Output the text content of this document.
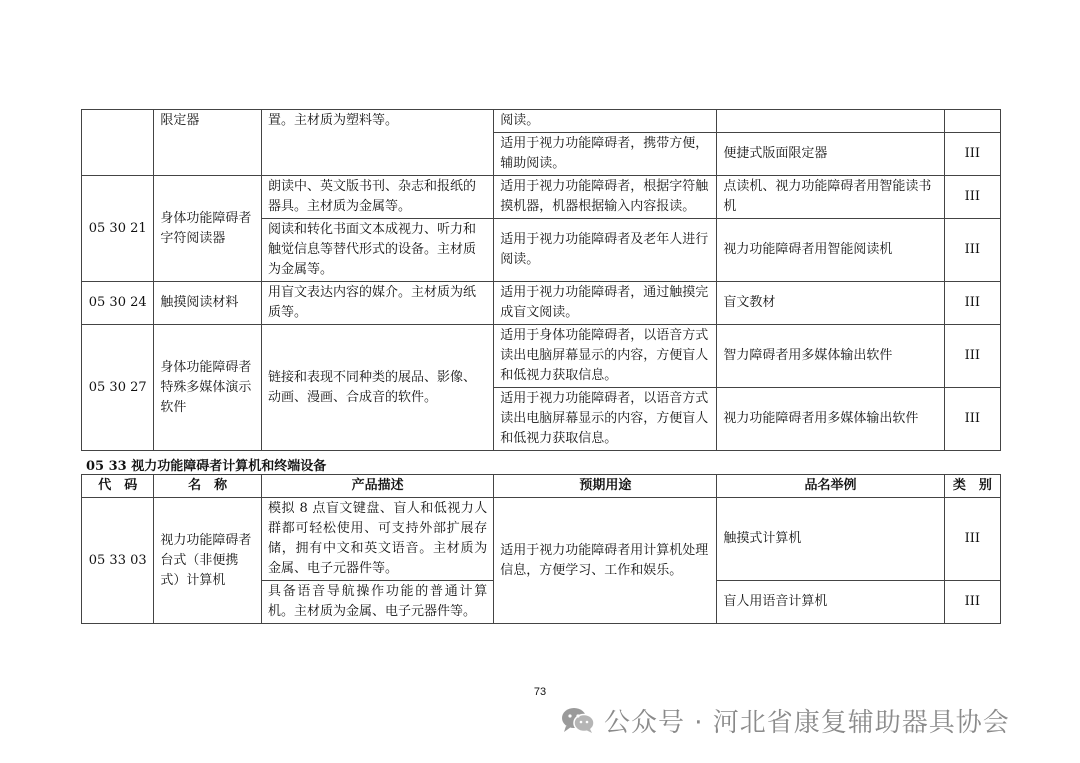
	限定器	置。主材质为塑料等。	阅读。		
			适用于视力功能障碍者，携带方便，辅助阅读。	便捷式版面限定器	III
05 30 21	身体功能障碍者字符阅读器	朗读中、英文版书刊、杂志和报纸的器具。主材质为金属等。	适用于视力功能障碍者，根据字符触摸机器，机器根据输入内容报读。	点读机、视力功能障碍者用智能读书机	III
		阅读和转化书面文本成视力、听力和触觉信息等替代形式的设备。主材质为金属等。	适用于视力功能障碍者及老年人进行阅读。	视力功能障碍者用智能阅读机	III
05 30 24	触摸阅读材料	用盲文表达内容的媒介。主材质为纸质等。	适用于视力功能障碍者，通过触摸完成盲文阅读。	盲文教材	III
05 30 27	身体功能障碍者特殊多媒体演示软件	链接和表现不同种类的展品、影像、动画、漫画、合成音的软件。	适用于身体功能障碍者，以语音方式读出电脑屏幕显示的内容，方便盲人和低视力获取信息。	智力障碍者用多媒体输出软件	III
			适用于视力功能障碍者，以语音方式读出电脑屏幕显示的内容，方便盲人和低视力获取信息。	视力功能障碍者用多媒体输出软件	III
05 33 视力功能障碍者计算机和终端设备
代　码	名　称	产品描述	预期用途	品名举例	类　别
05 33 03	视力功能障碍者台式（非便携式）计算机	模拟 8 点盲文键盘、盲人和低视力人群都可轻松使用、可支持外部扩展存储，拥有中文和英文语音。主材质为金属、电子元器件等。	适用于视力功能障碍者用计算机处理信息，方便学习、工作和娱乐。	触摸式计算机	III
		具备语音导航操作功能的普通计算机。主材质为金属、电子元器件等。		盲人用语音计算机	III
73
公众号 · 河北省康复辅助器具协会
